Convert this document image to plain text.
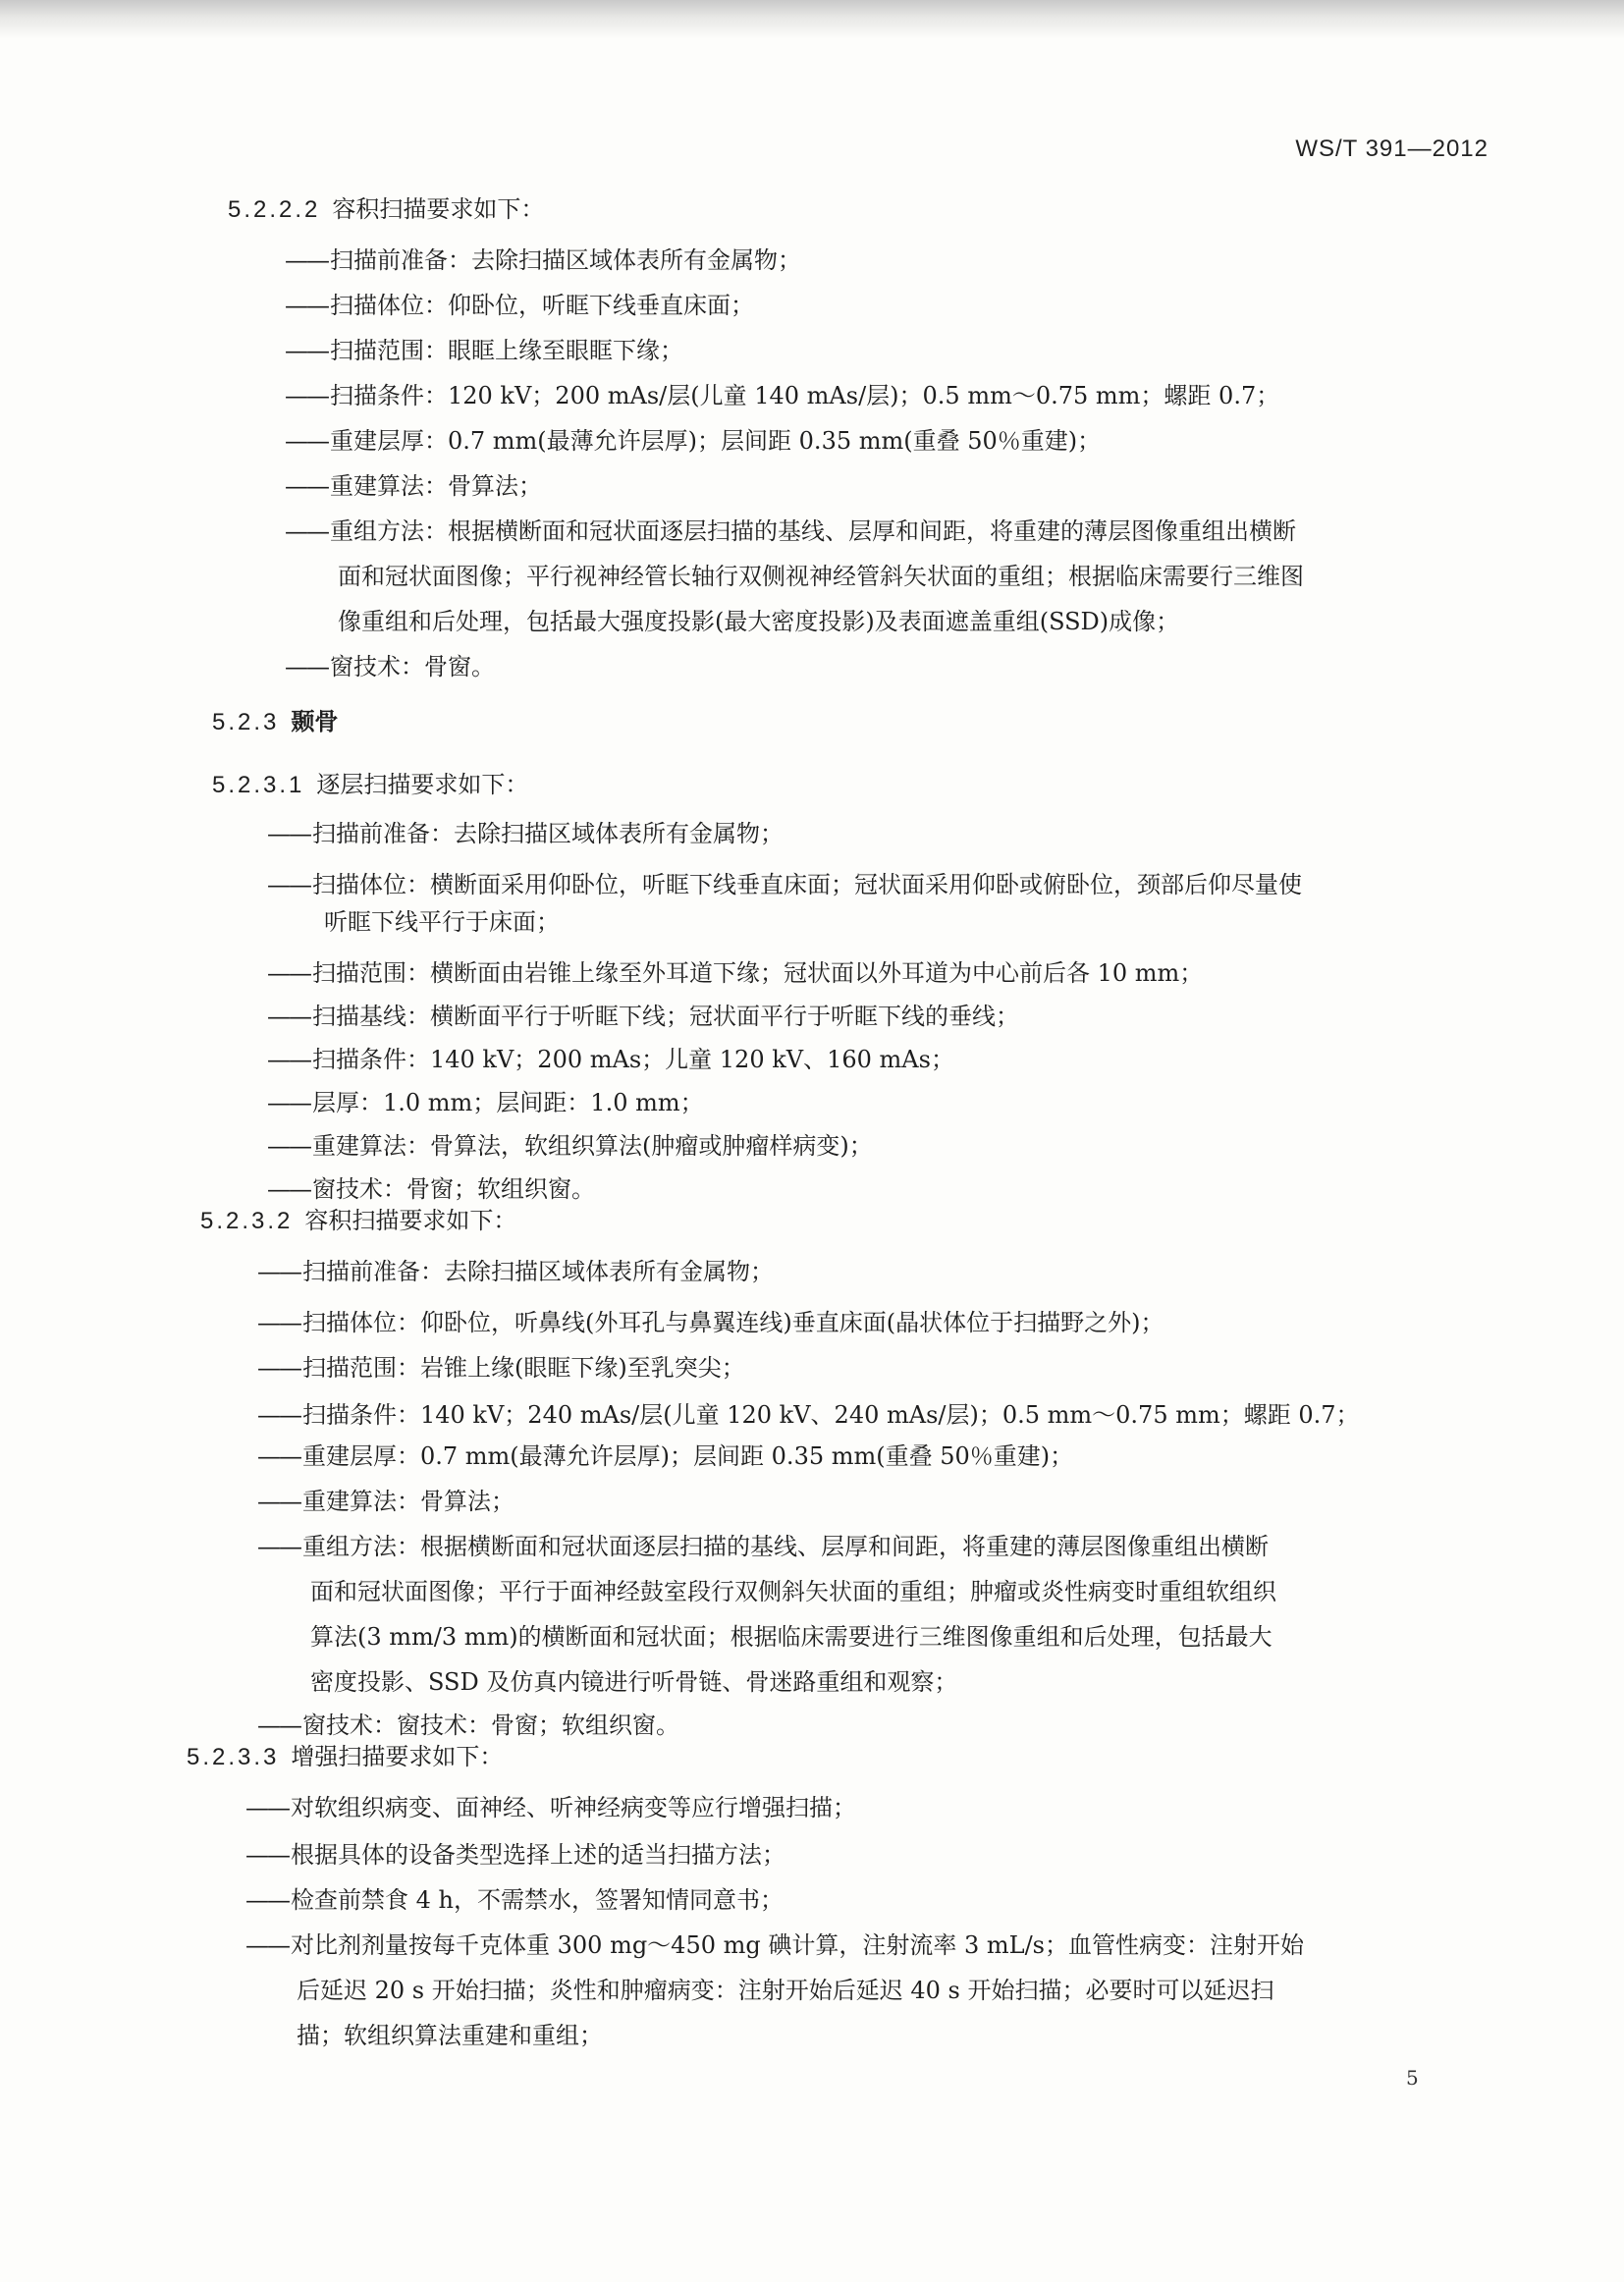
WS/T 391—2012
5.2.2.2 容积扫描要求如下：
——扫描前准备：去除扫描区域体表所有金属物；
——扫描体位：仰卧位，听眶下线垂直床面；
——扫描范围：眼眶上缘至眼眶下缘；
——扫描条件：120 kV；200 mAs/层(儿童 140 mAs/层)；0.5 mm～0.75 mm；螺距 0.7；
——重建层厚：0.7 mm(最薄允许层厚)；层间距 0.35 mm(重叠 50％重建)；
——重建算法：骨算法；
——重组方法：根据横断面和冠状面逐层扫描的基线、层厚和间距，将重建的薄层图像重组出横断
面和冠状面图像；平行视神经管长轴行双侧视神经管斜矢状面的重组；根据临床需要行三维图
像重组和后处理，包括最大强度投影(最大密度投影)及表面遮盖重组(SSD)成像；
——窗技术：骨窗。
5.2.3 颞骨
5.2.3.1 逐层扫描要求如下：
——扫描前准备：去除扫描区域体表所有金属物；
——扫描体位：横断面采用仰卧位，听眶下线垂直床面；冠状面采用仰卧或俯卧位，颈部后仰尽量使
听眶下线平行于床面；
——扫描范围：横断面由岩锥上缘至外耳道下缘；冠状面以外耳道为中心前后各 10 mm；
——扫描基线：横断面平行于听眶下线；冠状面平行于听眶下线的垂线；
——扫描条件：140 kV；200 mAs；儿童 120 kV、160 mAs；
——层厚：1.0 mm；层间距：1.0 mm；
——重建算法：骨算法，软组织算法(肿瘤或肿瘤样病变)；
——窗技术：骨窗；软组织窗。
5.2.3.2 容积扫描要求如下：
——扫描前准备：去除扫描区域体表所有金属物；
——扫描体位：仰卧位，听鼻线(外耳孔与鼻翼连线)垂直床面(晶状体位于扫描野之外)；
——扫描范围：岩锥上缘(眼眶下缘)至乳突尖；
——扫描条件：140 kV；240 mAs/层(儿童 120 kV、240 mAs/层)；0.5 mm～0.75 mm；螺距 0.7；
——重建层厚：0.7 mm(最薄允许层厚)；层间距 0.35 mm(重叠 50％重建)；
——重建算法：骨算法；
——重组方法：根据横断面和冠状面逐层扫描的基线、层厚和间距，将重建的薄层图像重组出横断
面和冠状面图像；平行于面神经鼓室段行双侧斜矢状面的重组；肿瘤或炎性病变时重组软组织
算法(3 mm/3 mm)的横断面和冠状面；根据临床需要进行三维图像重组和后处理，包括最大
密度投影、SSD 及仿真内镜进行听骨链、骨迷路重组和观察；
——窗技术：窗技术：骨窗；软组织窗。
5.2.3.3 增强扫描要求如下：
——对软组织病变、面神经、听神经病变等应行增强扫描；
——根据具体的设备类型选择上述的适当扫描方法；
——检查前禁食 4 h，不需禁水，签署知情同意书；
——对比剂剂量按每千克体重 300 mg～450 mg 碘计算，注射流率 3 mL/s；血管性病变：注射开始
后延迟 20 s 开始扫描；炎性和肿瘤病变：注射开始后延迟 40 s 开始扫描；必要时可以延迟扫
描；软组织算法重建和重组；
5
